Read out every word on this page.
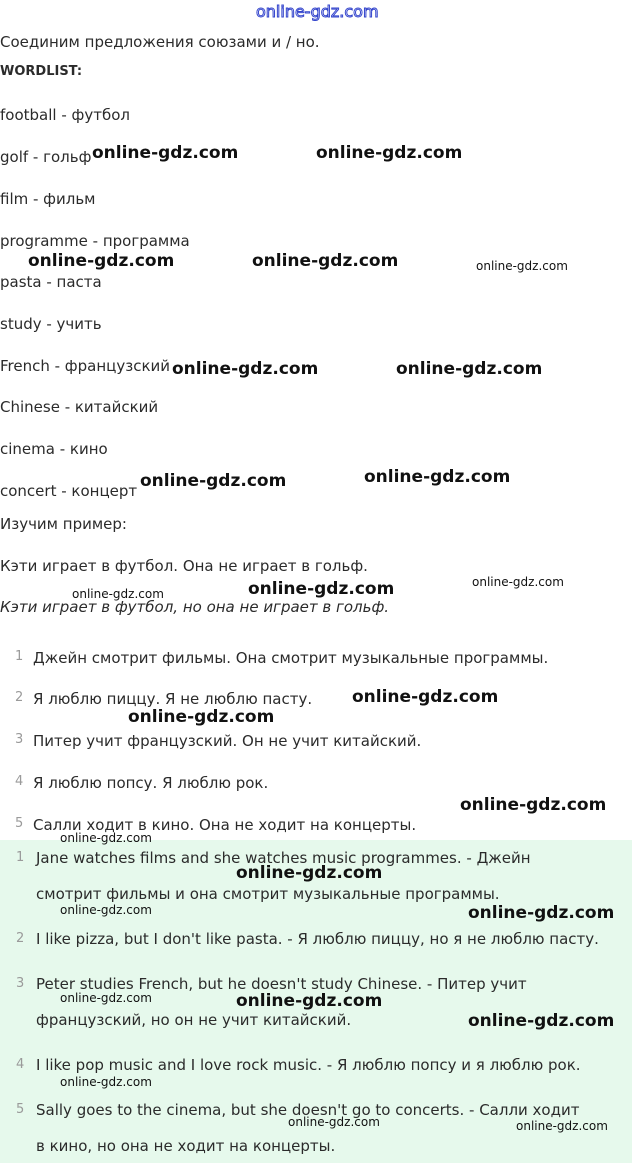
online-gdz.com
Соединим предложения союзами и / но.
WORDLIST:
football - футбол
golf - гольф
film - фильм
programme - программа
pasta - паста
study - учить
French - французский
Chinese - китайский
cinema - кино
concert - концерт
Изучим пример:
Кэти играет в футбол. Она не играет в гольф.
Кэти играет в футбол, но она не играет в гольф.
1 Джейн смотрит фильмы. Она смотрит музыкальные программы.
2 Я люблю пиццу. Я не люблю пасту.
3 Питер учит французский. Он не учит китайский.
4 Я люблю попсу. Я люблю рок.
5 Салли ходит в кино. Она не ходит на концерты.
1 Jane watches films and she watches music programmes. - Джейн
смотрит фильмы и она смотрит музыкальные программы.
2 I like pizza, but I don't like pasta. - Я люблю пиццу, но я не люблю пасту.
3 Peter studies French, but he doesn't study Chinese. - Питер учит
французский, но он не учит китайский.
4 I like pop music and I love rock music. - Я люблю попсу и я люблю рок.
5 Sally goes to the cinema, but she doesn't go to concerts. - Салли ходит
в кино, но она не ходит на концерты.
online-gdz.com	online-gdz.com
online-gdz.com	online-gdz.com	online-gdz.com
online-gdz.com	online-gdz.com
online-gdz.com	online-gdz.com
online-gdz.com	online-gdz.com	online-gdz.com
online-gdz.com
online-gdz.com
online-gdz.com
online-gdz.com
online-gdz.com
online-gdz.com	online-gdz.com
online-gdz.com	online-gdz.com
online-gdz.com
online-gdz.com
online-gdz.com	online-gdz.com
